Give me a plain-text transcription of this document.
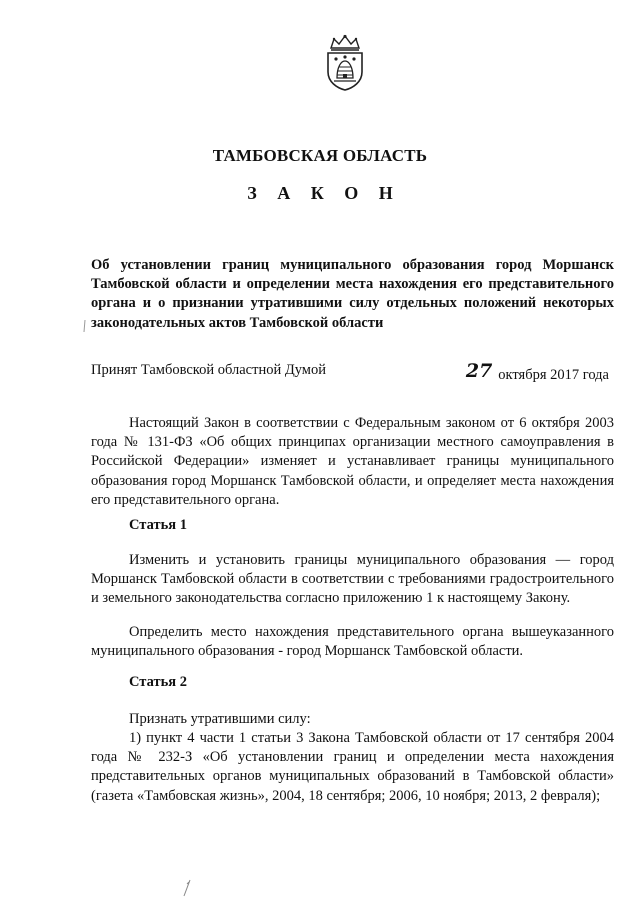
ТАМБОВСКАЯ ОБЛАСТЬ
З А К О Н
Об установлении границ муниципального образования город Моршанск Тамбовской области и определении места нахождения его представительного органа и о признании утратившими силу отдельных положений некоторых законодательных актов Тамбовской области
Принят Тамбовской областной Думой	27 октября 2017 года
Настоящий Закон в соответствии с Федеральным законом от 6 октября 2003 года № 131-ФЗ «Об общих принципах организации местного самоуправления в Российской Федерации» изменяет и устанавливает границы муниципального образования город Моршанск Тамбовской области, и определяет места нахождения его представительного органа.
Статья 1
Изменить и установить границы муниципального образования — город Моршанск Тамбовской области в соответствии с требованиями градостроительного и земельного законодательства согласно приложению 1 к настоящему Закону.
Определить место нахождения представительного органа вышеуказанного муниципального образования - город Моршанск Тамбовской области.
Статья 2
Признать утратившими силу:
1) пункт 4 части 1 статьи 3 Закона Тамбовской области от 17 сентября 2004 года № 232-З «Об установлении границ и определении места нахождения представительных органов муниципальных образований в Тамбовской области» (газета «Тамбовская жизнь», 2004, 18 сентября; 2006, 10 ноября; 2013, 2 февраля);
